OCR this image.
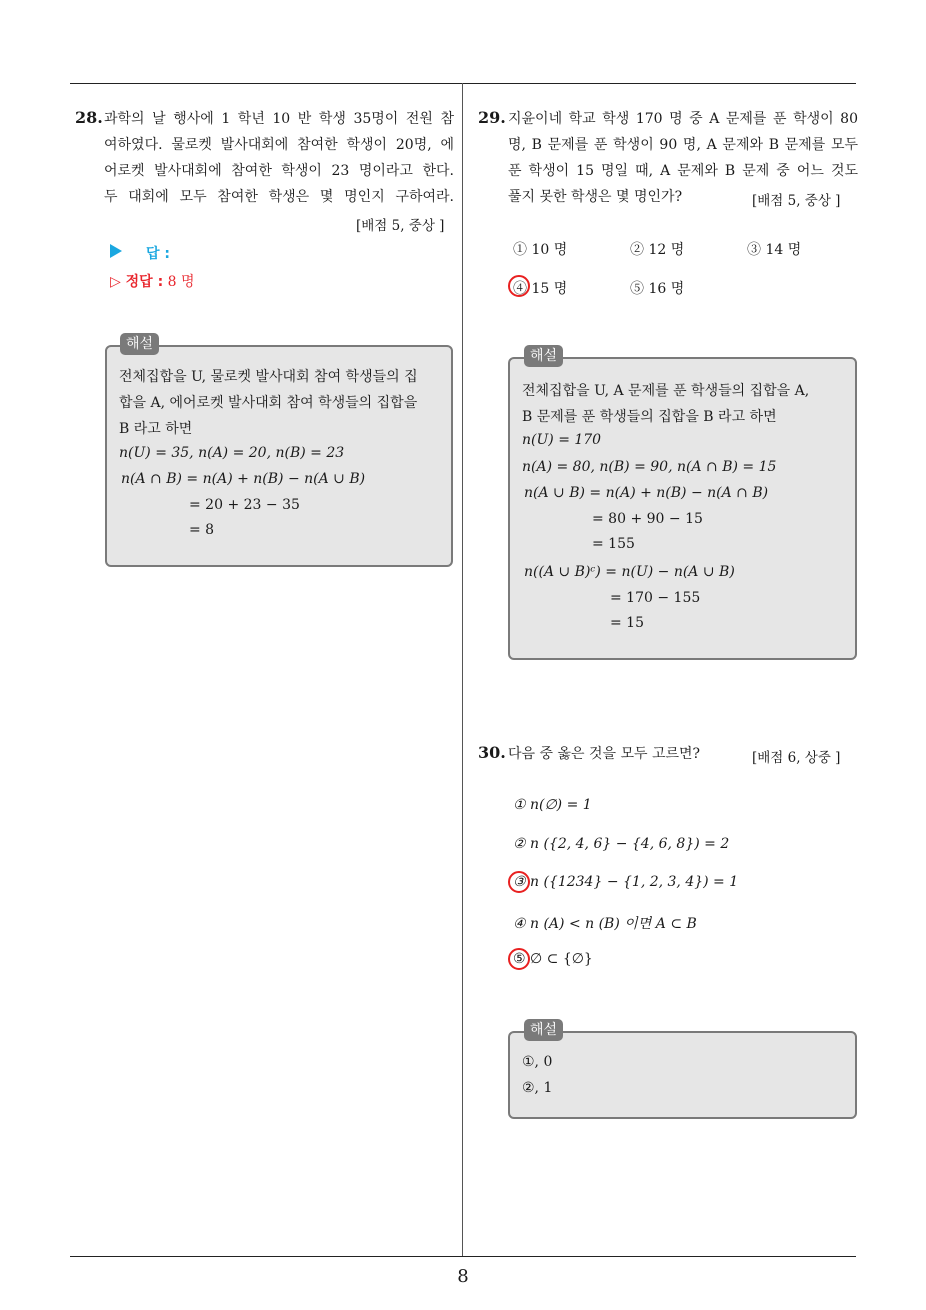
28. 과학의 날 행사에 1 학년 10 반 학생 35명이 전원 참
여하였다. 물로켓 발사대회에 참여한 학생이 20명, 에
어로켓 발사대회에 참여한 학생이 23 명이라고 한다.
두 대회에 모두 참여한 학생은 몇 명인지 구하여라.
[배점 5, 중상 ]
답 :
▷ 정답 : 8 명
해설
전체집합을 U, 물로켓 발사대회 참여 학생들의 집
합을 A, 에어로켓 발사대회 참여 학생들의 집합을
B 라고 하면
n(U) = 35, n(A) = 20, n(B) = 23
n(A ∩ B) = n(A) + n(B) − n(A ∪ B)
= 20 + 23 − 35
= 8
29. 지윤이네 학교 학생 170 명 중 A 문제를 푼 학생이 80
명, B 문제를 푼 학생이 90 명, A 문제와 B 문제를 모두
푼 학생이 15 명일 때, A 문제와 B 문제 중 어느 것도
풀지 못한 학생은 몇 명인가?	[배점 5, 중상 ]
① 10 명	② 12 명	③ 14 명
④ 15 명	⑤ 16 명
해설
전체집합을 U, A 문제를 푼 학생들의 집합을 A,
B 문제를 푼 학생들의 집합을 B 라고 하면
n(U) = 170
n(A) = 80, n(B) = 90, n(A ∩ B) = 15
n(A ∪ B) = n(A) + n(B) − n(A ∩ B)
= 80 + 90 − 15
= 155
n((A ∪ B)ᶜ) = n(U) − n(A ∪ B)
= 170 − 155
= 15
30. 다음 중 옳은 것을 모두 고르면?	[배점 6, 상중 ]
① n(∅) = 1
② n ({2, 4, 6} − {4, 6, 8}) = 2
③ n ({1234} − {1, 2, 3, 4}) = 1
④ n (A) < n (B) 이면 A ⊂ B
⑤ ∅ ⊂ {∅}
해설
①, 0
②, 1
8
